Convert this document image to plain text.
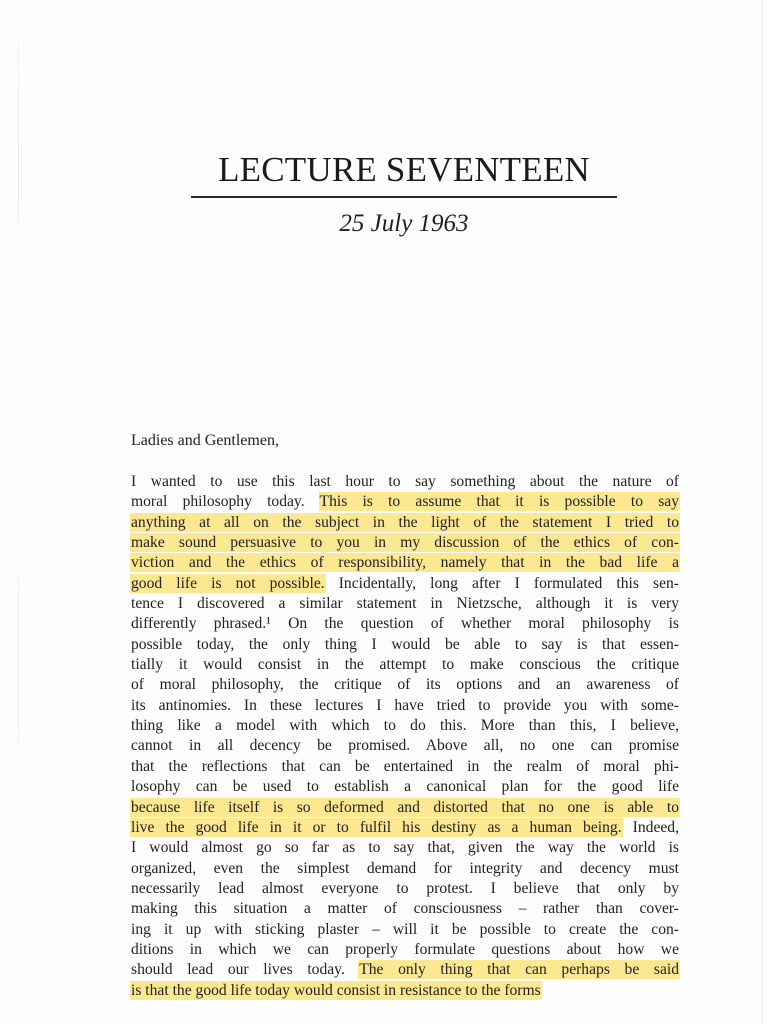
LECTURE SEVENTEEN

25 July 1963

Ladies and Gentlemen,

I wanted to use this last hour to say something about the nature of
moral philosophy today. This is to assume that it is possible to say
anything at all on the subject in the light of the statement I tried to
make sound persuasive to you in my discussion of the ethics of con-
viction and the ethics of responsibility, namely that in the bad life a
good life is not possible. Incidentally, long after I formulated this sen-
tence I discovered a similar statement in Nietzsche, although it is very
differently phrased.¹ On the question of whether moral philosophy is
possible today, the only thing I would be able to say is that essen-
tially it would consist in the attempt to make conscious the critique
of moral philosophy, the critique of its options and an awareness of
its antinomies. In these lectures I have tried to provide you with some-
thing like a model with which to do this. More than this, I believe,
cannot in all decency be promised. Above all, no one can promise
that the reflections that can be entertained in the realm of moral phi-
losophy can be used to establish a canonical plan for the good life
because life itself is so deformed and distorted that no one is able to
live the good life in it or to fulfil his destiny as a human being. Indeed,
I would almost go so far as to say that, given the way the world is
organized, even the simplest demand for integrity and decency must
necessarily lead almost everyone to protest. I believe that only by
making this situation a matter of consciousness – rather than cover-
ing it up with sticking plaster – will it be possible to create the con-
ditions in which we can properly formulate questions about how we
should lead our lives today. The only thing that can perhaps be said
is that the good life today would consist in resistance to the forms
